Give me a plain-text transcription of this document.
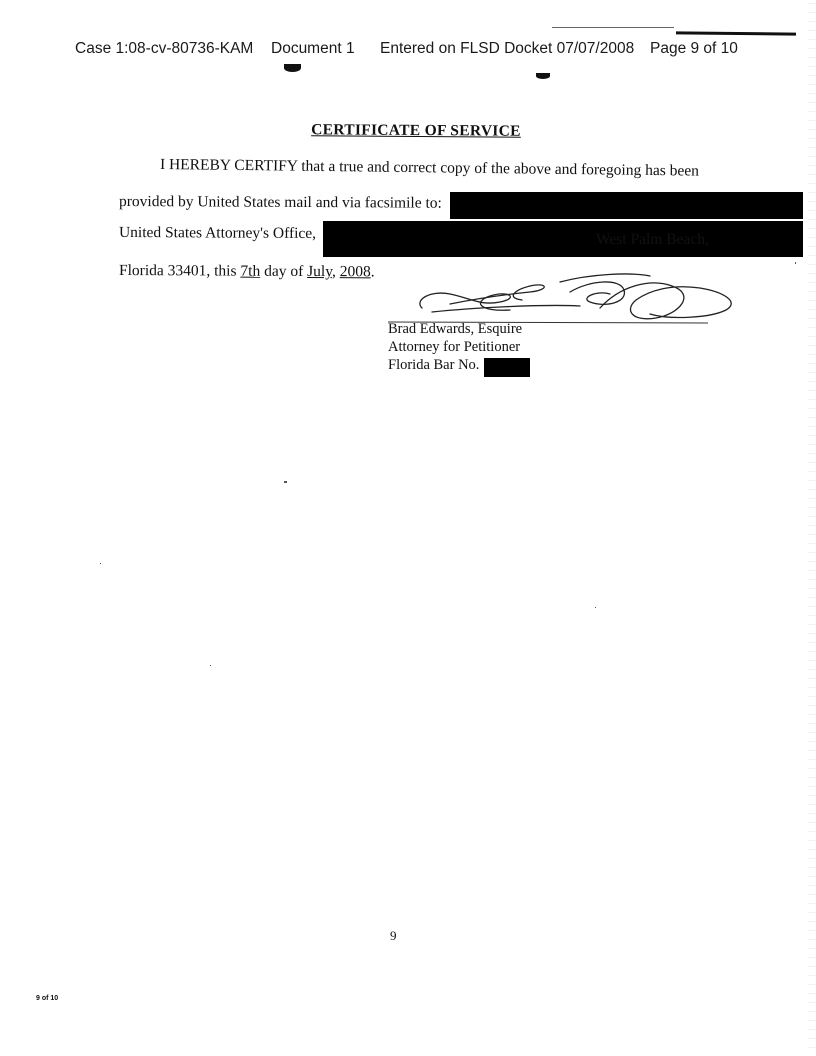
Case 1:08-cv-80736-KAM Document 1 Entered on FLSD Docket 07/07/2008 Page 9 of 10
CERTIFICATE OF SERVICE
I HEREBY CERTIFY that a true and correct copy of the above and foregoing has been
provided by United States mail and via facsimile to:
United States Attorney's Office,	West Palm Beach,
Florida 33401, this 7th day of July, 2008.
Brad Edwards, Esquire
Attorney for Petitioner
Florida Bar No.
9
9 of 10
